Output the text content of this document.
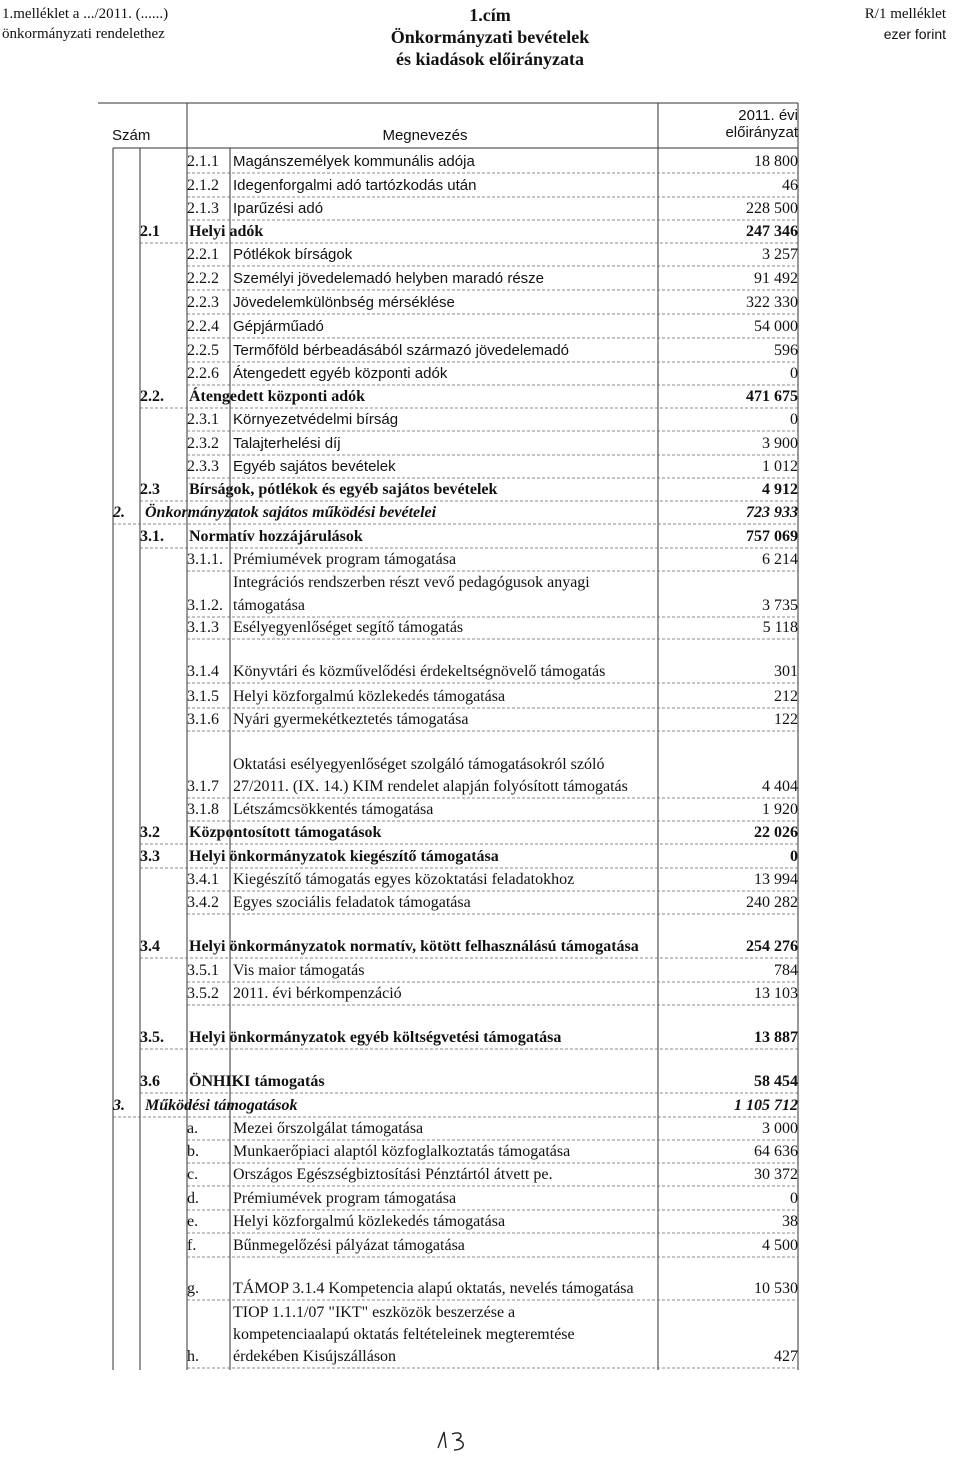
1.melléklet a .../2011. (......)
önkormányzati rendelethez
1.cím
Önkormányzati bevételek
és kiadások előirányzata
R/1 melléklet
ezer forint
Szám	Megnevezés
2011. évi
előirányzat
2.1.1 Magánszemélyek kommunális adója	18 800
2.1.2 Idegenforgalmi adó tartózkodás után	46
2.1.3 Iparűzési adó	228 500
2.1	Helyi adók	247 346
2.2.1 Pótlékok bírságok	3 257
2.2.2 Személyi jövedelemadó helyben maradó része	91 492
2.2.3 Jövedelemkülönbség mérséklése	322 330
2.2.4 Gépjárműadó	54 000
2.2.5 Termőföld bérbeadásából származó jövedelemadó	596
2.2.6 Átengedett egyéb központi adók	0
2.2.	Átengedett központi adók	471 675
2.3.1 Környezetvédelmi bírság	0
2.3.2 Talajterhelési díj	3 900
2.3.3 Egyéb sajátos bevételek	1 012
2.3	Bírságok, pótlékok és egyéb sajátos bevételek	4 912
2.	Önkormányzatok sajátos működési bevételei	723 933
3.1.	Normatív hozzájárulások	757 069
3.1.1. Prémiumévek program támogatása	6 214
Integrációs rendszerben részt vevő pedagógusok anyagi
3.1.2. támogatása	3 735
3.1.3 Esélyegyenlőséget segítő támogatás	5 118
3.1.4 Könyvtári és közművelődési érdekeltségnövelő támogatás	301
3.1.5 Helyi közforgalmú közlekedés támogatása	212
3.1.6 Nyári gyermekétkeztetés támogatása	122
Oktatási esélyegyenlőséget szolgáló támogatásokról szóló
3.1.7 27/2011. (IX. 14.) KIM rendelet alapján folyósított támogatás	4 404
3.1.8 Létszámcsökkentés támogatása	1 920
3.2	Központosított támogatások	22 026
3.3	Helyi önkormányzatok kiegészítő támogatása	0
3.4.1 Kiegészítő támogatás egyes közoktatási feladatokhoz	13 994
3.4.2 Egyes szociális feladatok támogatása	240 282
3.4	Helyi önkormányzatok normatív, kötött felhasználású támogatása	254 276
3.5.1 Vis maior támogatás	784
3.5.2 2011. évi bérkompenzáció	13 103
3.5.	Helyi önkormányzatok egyéb költségvetési támogatása	13 887
3.6	ÖNHIKI támogatás	58 454
3.	Működési támogatások	1 105 712
a.	Mezei őrszolgálat támogatása	3 000
b.	Munkaerőpiaci alaptól közfoglalkoztatás támogatása	64 636
c.	Országos Egészségbiztosítási Pénztártól átvett pe.	30 372
d.	Prémiumévek program támogatása	0
e.	Helyi közforgalmú közlekedés támogatása	38
f.	Bűnmegelőzési pályázat támogatása	4 500
g.	TÁMOP 3.1.4 Kompetencia alapú oktatás, nevelés támogatása	10 530
TIOP 1.1.1/07 "IKT" eszközök beszerzése a
kompetenciaalapú oktatás feltételeinek megteremtése
h.	érdekében Kisújszálláson	427
